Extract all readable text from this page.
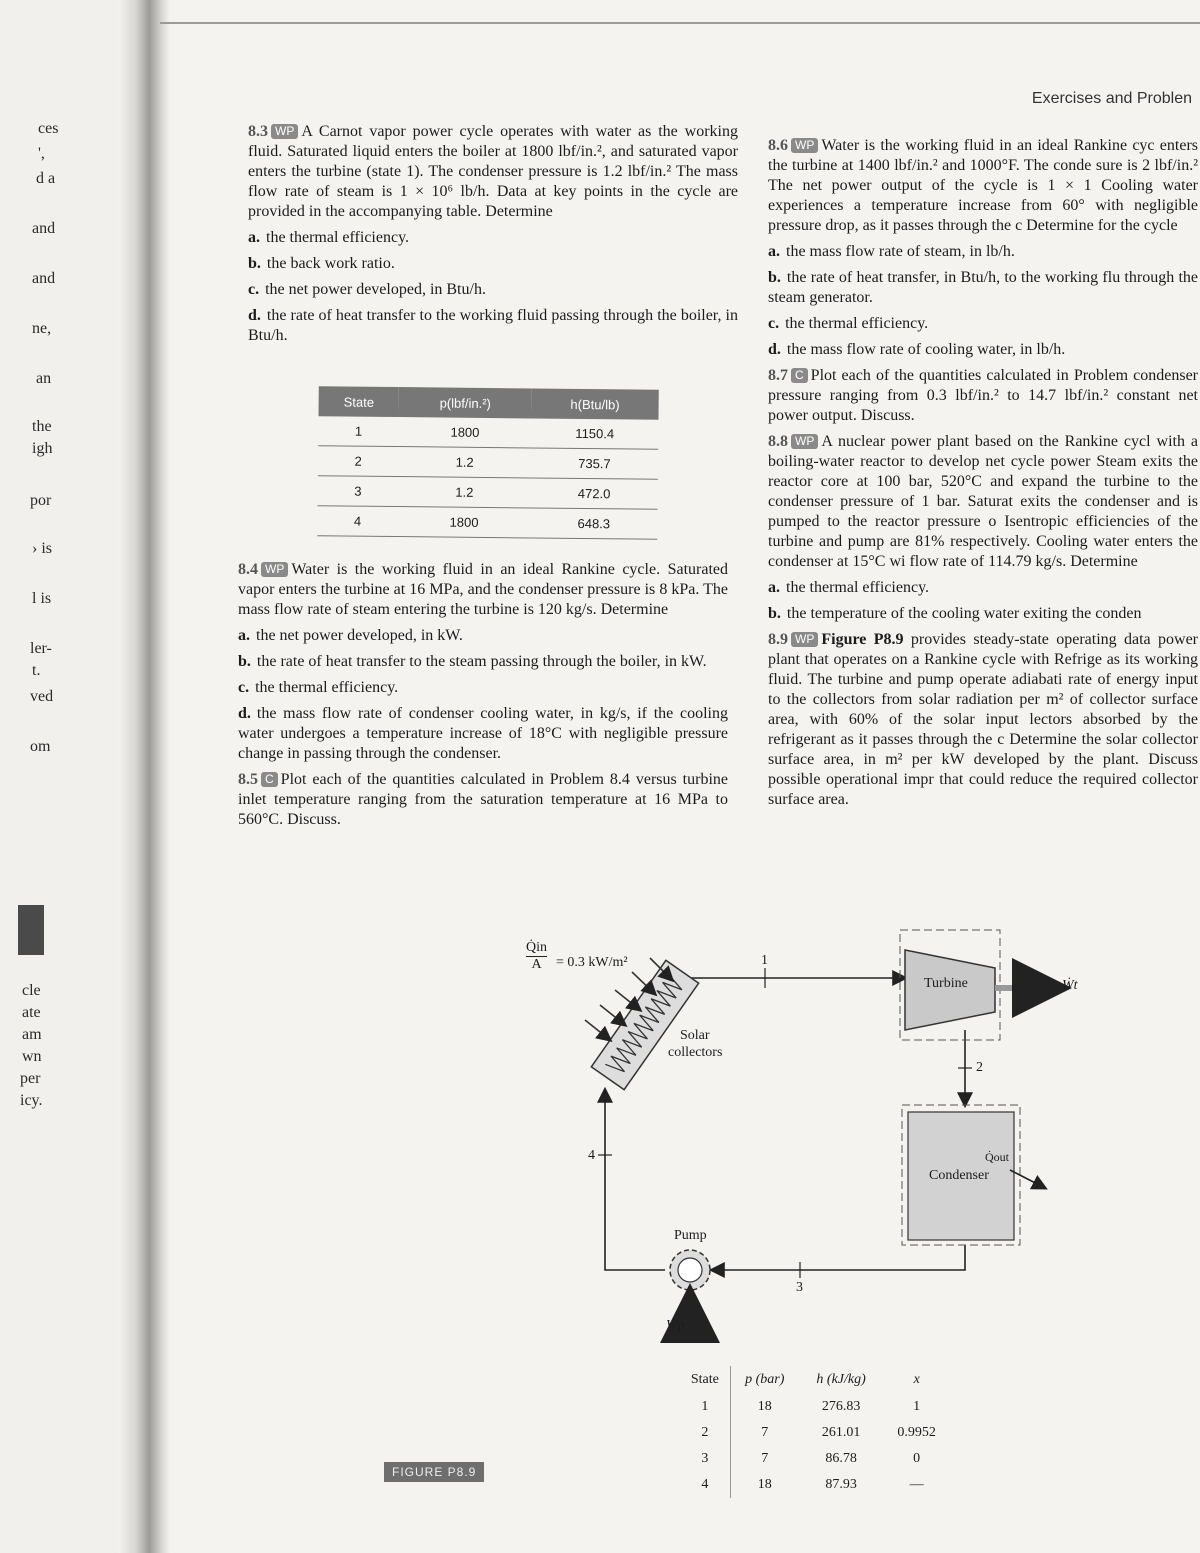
ces
',
d a
and
and
ne,
an
the
igh
por
› is
l is
ler-
t.
ved
om
cle
ate
am
wn
per
icy.
Exercises and Problen

8.3 WP A Carnot vapor power cycle operates with water as the working fluid. Saturated liquid enters the boiler at 1800 lbf/in.², and saturated vapor enters the turbine (state 1). The condenser pressure is 1.2 lbf/in.² The mass flow rate of steam is 1 × 10⁶ lb/h. Data at key points in the cycle are provided in the accompanying table. Determine

a. the thermal efficiency.

b. the back work ratio.

c. the net power developed, in Btu/h.

d. the rate of heat transfer to the working fluid passing through the boiler, in Btu/h.

State	p(lbf/in.²)	h(Btu/lb)
1	1800	1150.4
2	1.2	735.7
3	1.2	472.0
4	1800	648.3

8.4 WP Water is the working fluid in an ideal Rankine cycle. Saturated vapor enters the turbine at 16 MPa, and the condenser pressure is 8 kPa. The mass flow rate of steam entering the turbine is 120 kg/s. Determine

a. the net power developed, in kW.

b. the rate of heat transfer to the steam passing through the boiler, in kW.

c. the thermal efficiency.

d. the mass flow rate of condenser cooling water, in kg/s, if the cooling water undergoes a temperature increase of 18°C with negligible pressure change in passing through the condenser.

8.5 C Plot each of the quantities calculated in Problem 8.4 versus turbine inlet temperature ranging from the saturation temperature at 16 MPa to 560°C. Discuss.

8.6 WP Water is the working fluid in an ideal Rankine cyc enters the turbine at 1400 lbf/in.² and 1000°F. The conde sure is 2 lbf/in.² The net power output of the cycle is 1 × 1 Cooling water experiences a temperature increase from 60° with negligible pressure drop, as it passes through the c Determine for the cycle

a. the mass flow rate of steam, in lb/h.

b. the rate of heat transfer, in Btu/h, to the working flu through the steam generator.

c. the thermal efficiency.

d. the mass flow rate of cooling water, in lb/h.

8.7 C Plot each of the quantities calculated in Problem condenser pressure ranging from 0.3 lbf/in.² to 14.7 lbf/in.² constant net power output. Discuss.

8.8 WP A nuclear power plant based on the Rankine cycl with a boiling-water reactor to develop net cycle power Steam exits the reactor core at 100 bar, 520°C and expand the turbine to the condenser pressure of 1 bar. Saturat exits the condenser and is pumped to the reactor pressure o Isentropic efficiencies of the turbine and pump are 81% respectively. Cooling water enters the condenser at 15°C wi flow rate of 114.79 kg/s. Determine

a. the thermal efficiency.

b. the temperature of the cooling water exiting the conden

8.9 WP Figure P8.9 provides steady-state operating data power plant that operates on a Rankine cycle with Refrige as its working fluid. The turbine and pump operate adiabati rate of energy input to the collectors from solar radiation per m² of collector surface area, with 60% of the solar input lectors absorbed by the refrigerant as it passes through the c Determine the solar collector surface area, in m² per kW developed by the plant. Discuss possible operational impr that could reduce the required collector surface area.

Q̇in
A	= 0.3 kW/m²
Solar
collectors
Turbine	Ẇt
Condenser
Q̇out
Pump
Ẇp
1
2
3
4
State	p (bar)	h (kJ/kg)	x
1	18	276.83	1
2	7	261.01	0.9952
3	7	86.78	0
4	18	87.93	—
FIGURE P8.9
